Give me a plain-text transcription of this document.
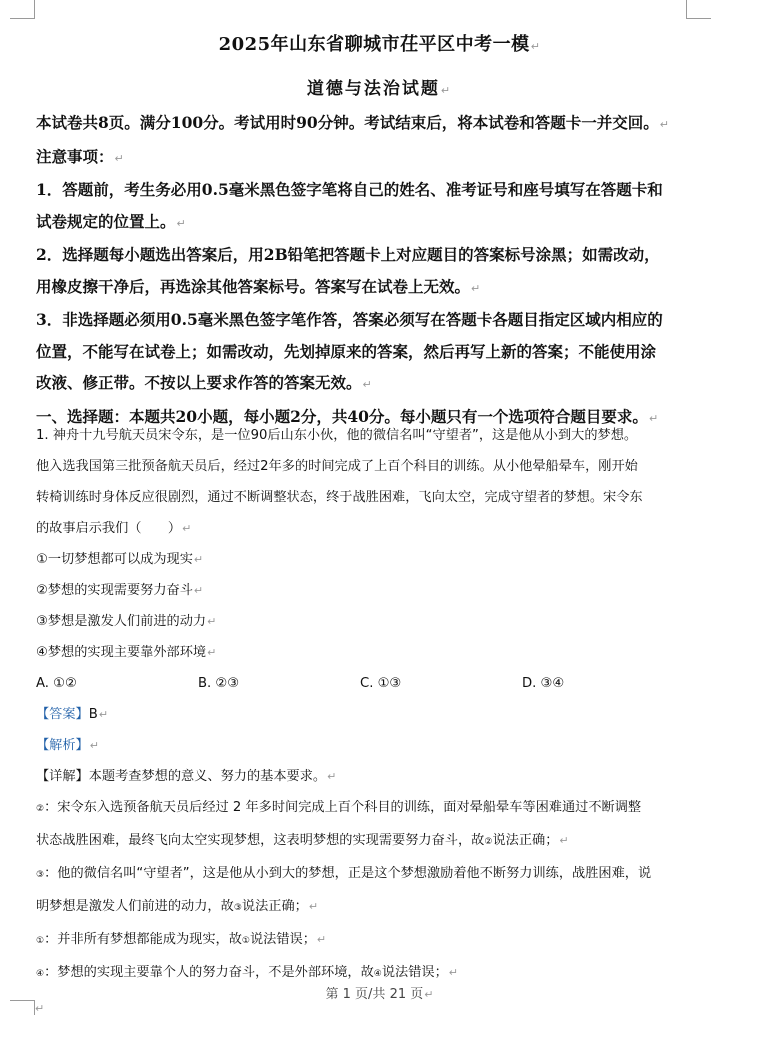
2025年山东省聊城市茌平区中考一模↵
道德与法治试题↵
本试卷共8页。满分100分。考试用时90分钟。考试结束后，将本试卷和答题卡一并交回。↵
注意事项：↵
1．答题前，考生务必用0.5毫米黑色签字笔将自己的姓名、准考证号和座号填写在答题卡和
试卷规定的位置上。↵
2．选择题每小题选出答案后，用2B铅笔把答题卡上对应题目的答案标号涂黑；如需改动，
用橡皮擦干净后，再选涂其他答案标号。答案写在试卷上无效。↵
3．非选择题必须用0.5毫米黑色签字笔作答，答案必须写在答题卡各题目指定区域内相应的
位置，不能写在试卷上；如需改动，先划掉原来的答案，然后再写上新的答案；不能使用涂
改液、修正带。不按以上要求作答的答案无效。↵
一、选择题：本题共20小题，每小题2分，共40分。每小题只有一个选项符合题目要求。↵
1. 神舟十九号航天员宋令东，是一位90后山东小伙，他的微信名叫“守望者”，这是他从小到大的梦想。
他入选我国第三批预备航天员后，经过2年多的时间完成了上百个科目的训练。从小他晕船晕车，刚开始
转椅训练时身体反应很剧烈，通过不断调整状态，终于战胜困难，飞向太空，完成守望者的梦想。宋令东
的故事启示我们（　　）↵
①一切梦想都可以成为现实↵
②梦想的实现需要努力奋斗↵
③梦想是激发人们前进的动力↵
④梦想的实现主要靠外部环境↵
A. ①②	B. ②③	C. ①③	D. ③④
【答案】B↵
【解析】↵
【详解】本题考查梦想的意义、努力的基本要求。↵
②：宋令东入选预备航天员后经过 2 年多时间完成上百个科目的训练，面对晕船晕车等困难通过不断调整
状态战胜困难，最终飞向太空实现梦想，这表明梦想的实现需要努力奋斗，故②说法正确；↵
③：他的微信名叫“守望者”，这是他从小到大的梦想，正是这个梦想激励着他不断努力训练，战胜困难，说
明梦想是激发人们前进的动力，故③说法正确；↵
①：并非所有梦想都能成为现实，故①说法错误；↵
④：梦想的实现主要靠个人的努力奋斗，不是外部环境，故④说法错误；↵
第 1 页/共 21 页↵
↵
